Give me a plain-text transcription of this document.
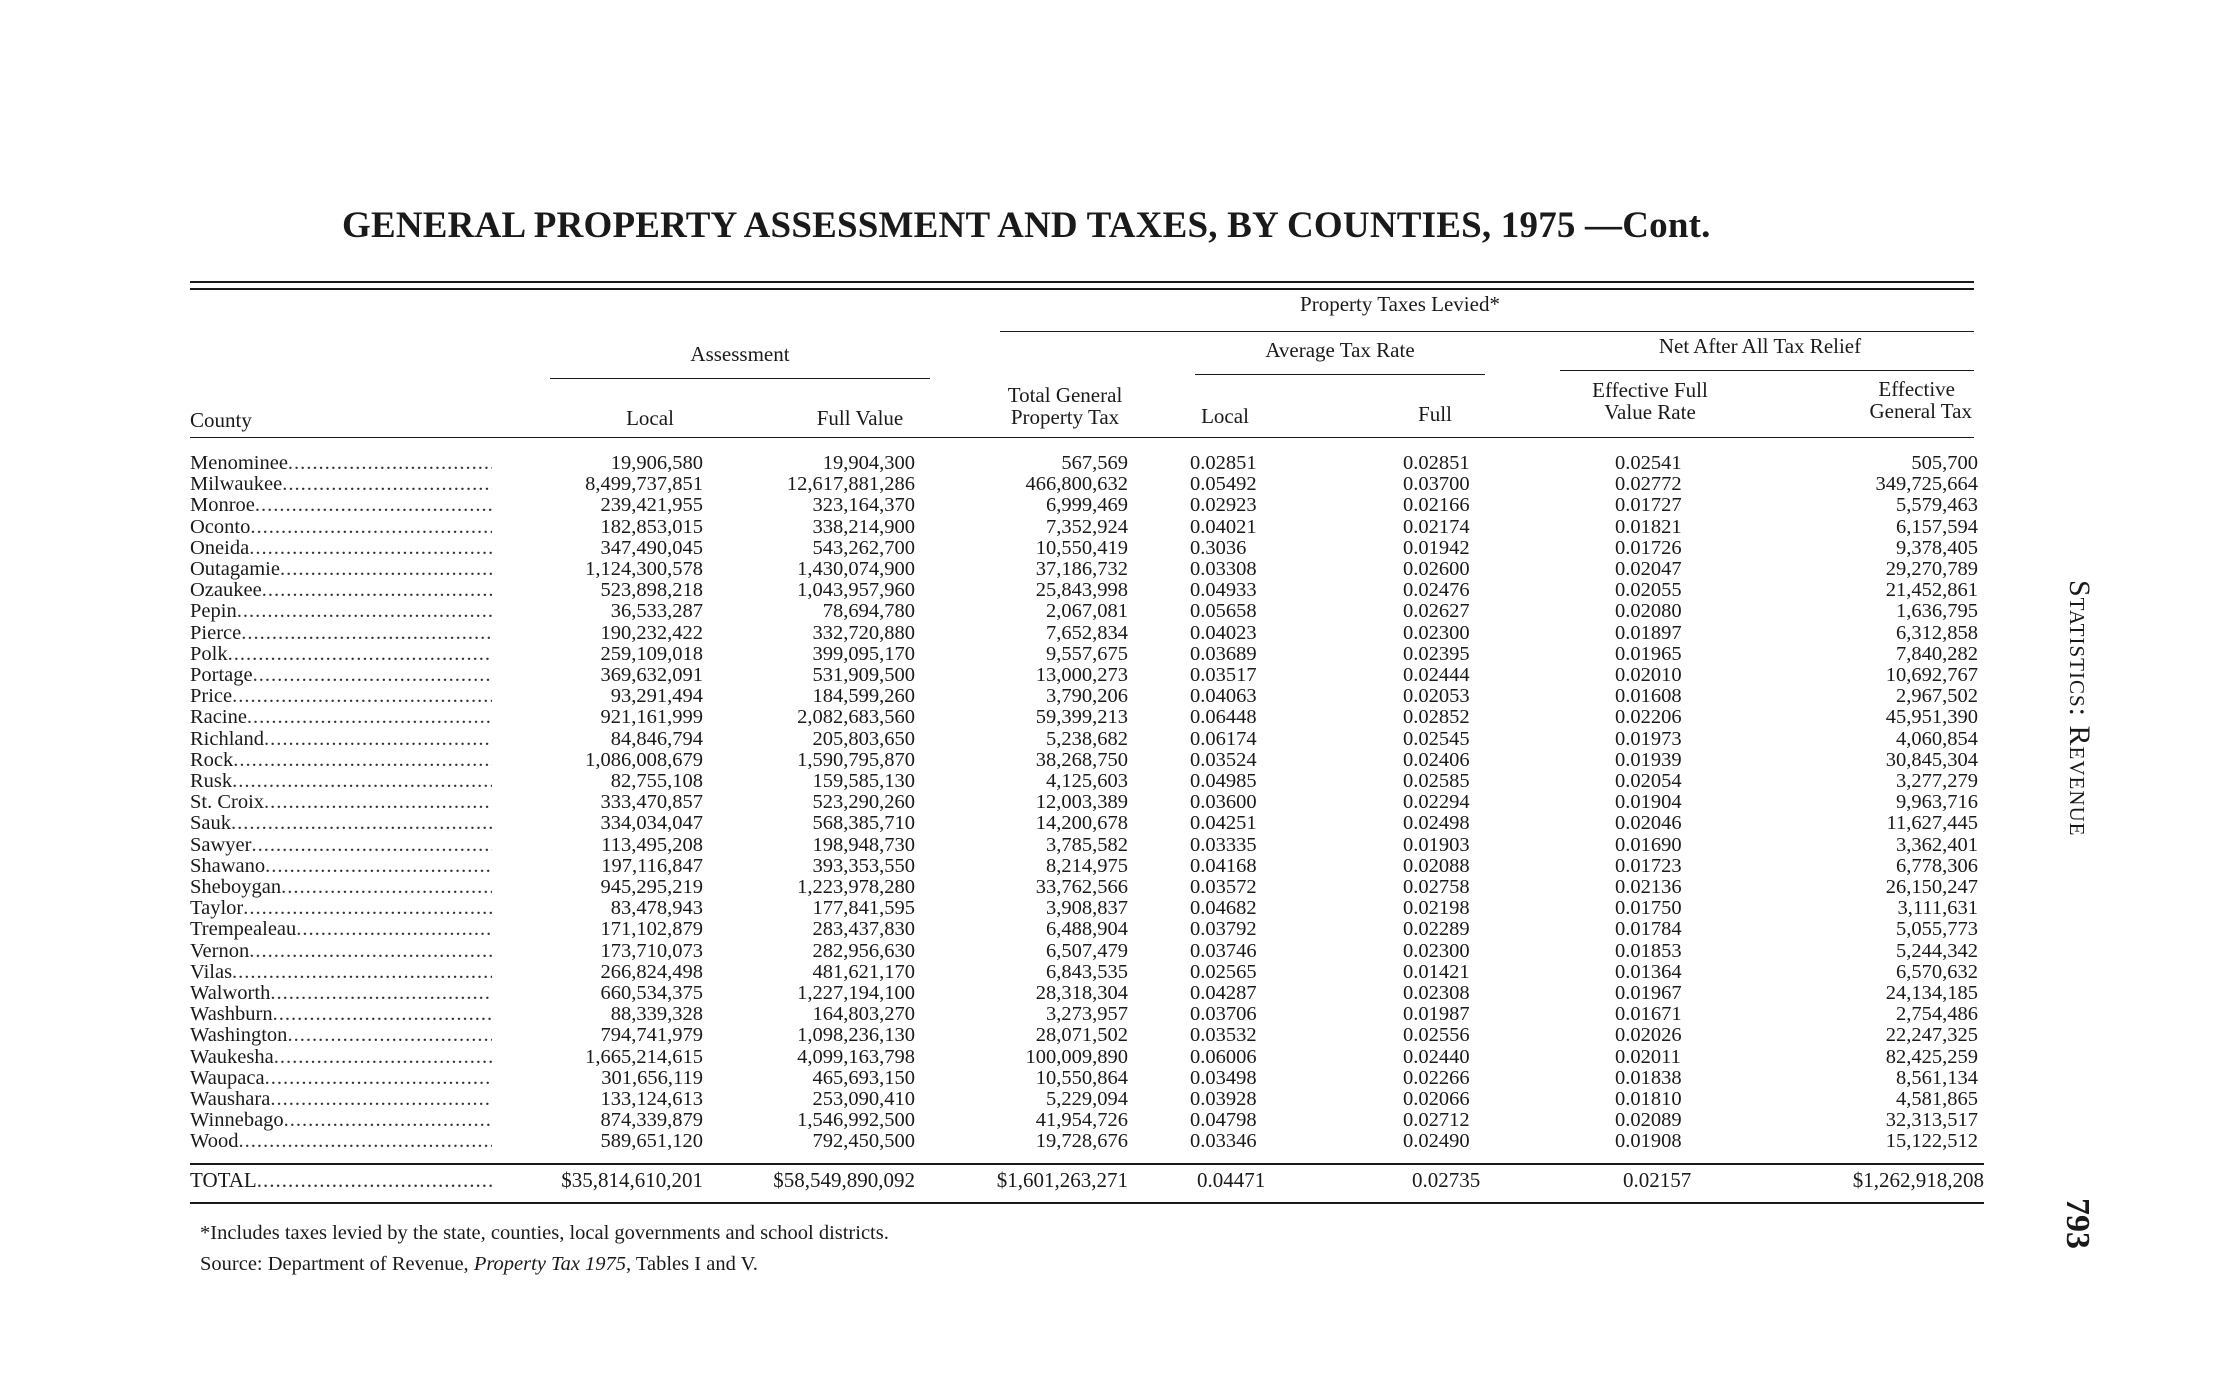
GENERAL PROPERTY ASSESSMENT AND TAXES, BY COUNTIES, 1975 —Cont.
Property Taxes Levied*
Assessment	Average Tax Rate	Net After All Tax Relief
County	Local	Full Value
Total General
Property Tax	Local	Full
Effective Full
Value Rate
Effective
General Tax
Menominee .....	19,906,580	19,904,300	567,569	0.02851	0.02851	0.02541	505,700
Milwaukee .....	8,499,737,851	12,617,881,286	466,800,632	0.05492	0.03700	0.02772	349,725,664
Monroe .....	239,421,955	323,164,370	6,999,469	0.02923	0.02166	0.01727	5,579,463
Oconto .....	182,853,015	338,214,900	7,352,924	0.04021	0.02174	0.01821	6,157,594
Oneida .....	347,490,045	543,262,700	10,550,419	0.3036	0.01942	0.01726	9,378,405
Outagamie .....	1,124,300,578	1,430,074,900	37,186,732	0.03308	0.02600	0.02047	29,270,789
Ozaukee .....	523,898,218	1,043,957,960	25,843,998	0.04933	0.02476	0.02055	21,452,861
Pepin .....	36,533,287	78,694,780	2,067,081	0.05658	0.02627	0.02080	1,636,795
Pierce .....	190,232,422	332,720,880	7,652,834	0.04023	0.02300	0.01897	6,312,858
Polk .....	259,109,018	399,095,170	9,557,675	0.03689	0.02395	0.01965	7,840,282
Portage .....	369,632,091	531,909,500	13,000,273	0.03517	0.02444	0.02010	10,692,767
Price .....	93,291,494	184,599,260	3,790,206	0.04063	0.02053	0.01608	2,967,502
Racine .....	921,161,999	2,082,683,560	59,399,213	0.06448	0.02852	0.02206	45,951,390
Richland .....	84,846,794	205,803,650	5,238,682	0.06174	0.02545	0.01973	4,060,854
Rock .....	1,086,008,679	1,590,795,870	38,268,750	0.03524	0.02406	0.01939	30,845,304
Rusk .....	82,755,108	159,585,130	4,125,603	0.04985	0.02585	0.02054	3,277,279
St. Croix .....	333,470,857	523,290,260	12,003,389	0.03600	0.02294	0.01904	9,963,716
Sauk .....	334,034,047	568,385,710	14,200,678	0.04251	0.02498	0.02046	11,627,445
Sawyer .....	113,495,208	198,948,730	3,785,582	0.03335	0.01903	0.01690	3,362,401
Shawano .....	197,116,847	393,353,550	8,214,975	0.04168	0.02088	0.01723	6,778,306
Sheboygan .....	945,295,219	1,223,978,280	33,762,566	0.03572	0.02758	0.02136	26,150,247
Taylor .....	83,478,943	177,841,595	3,908,837	0.04682	0.02198	0.01750	3,111,631
Trempealeau .....	171,102,879	283,437,830	6,488,904	0.03792	0.02289	0.01784	5,055,773
Vernon .....	173,710,073	282,956,630	6,507,479	0.03746	0.02300	0.01853	5,244,342
Vilas .....	266,824,498	481,621,170	6,843,535	0.02565	0.01421	0.01364	6,570,632
Walworth .....	660,534,375	1,227,194,100	28,318,304	0.04287	0.02308	0.01967	24,134,185
Washburn .....	88,339,328	164,803,270	3,273,957	0.03706	0.01987	0.01671	2,754,486
Washington .....	794,741,979	1,098,236,130	28,071,502	0.03532	0.02556	0.02026	22,247,325
Waukesha .....	1,665,214,615	4,099,163,798	100,009,890	0.06006	0.02440	0.02011	82,425,259
Waupaca .....	301,656,119	465,693,150	10,550,864	0.03498	0.02266	0.01838	8,561,134
Waushara .....	133,124,613	253,090,410	5,229,094	0.03928	0.02066	0.01810	4,581,865
Winnebago .....	874,339,879	1,546,992,500	41,954,726	0.04798	0.02712	0.02089	32,313,517
Wood .....	589,651,120	792,450,500	19,728,676	0.03346	0.02490	0.01908	15,122,512
TOTAL .....	$35,814,610,201	$58,549,890,092	$1,601,263,271	0.04471	0.02735	0.02157	$1,262,918,208
*Includes taxes levied by the state, counties, local governments and school districts.
Source: Department of Revenue, Property Tax 1975, Tables I and V.
Statistics: Revenue
793
